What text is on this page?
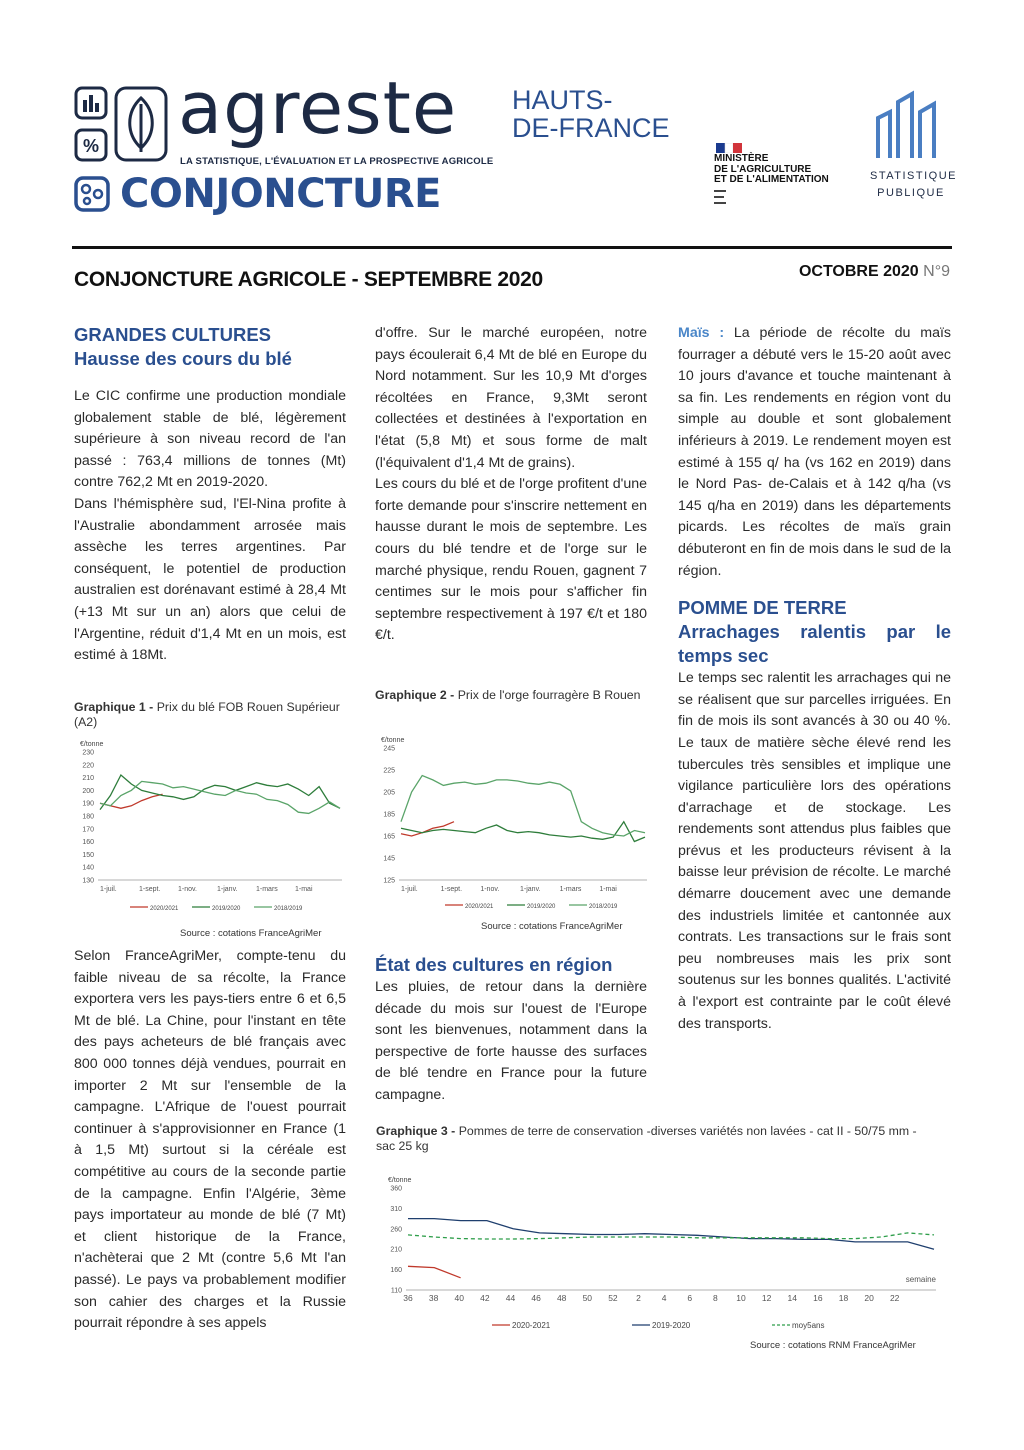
% agreste
LA STATISTIQUE, L'ÉVALUATION ET LA PROSPECTIVE AGRICOLE
CONJONCTURE
HAUTS-
DE-FRANCE
MINISTÈRE
DE L'AGRICULTURE
ET DE L'ALIMENTATION	STATISTIQUE
PUBLIQUE
CONJONCTURE AGRICOLE - SEPTEMBRE 2020	OCTOBRE 2020 N°9
GRANDES CULTURES
Hausse des cours du blé

Le CIC confirme une production mondiale globalement stable de blé, légèrement supérieure à son niveau record de l'an passé : 763,4 millions de tonnes (Mt) contre 762,2 Mt en 2019-2020.

Dans l'hémisphère sud, l'El-Nina profite à l'Australie abondamment arrosée mais assèche les terres argentines. Par conséquent, le potentiel de production australien est dorénavant estimé à 28,4 Mt (+13 Mt sur un an) alors que celui de l'Argentine, réduit d'1,4 Mt en un mois, est estimé à 18Mt.

Graphique 1 - Prix du blé FOB Rouen Supérieur (A2)
€/tonne
230
220
210
200
190
180
170
160
150
140
130
1-juil.	1-sept.	1-nov.	1-janv.	1-mars 1-mai
2020/2021	2019/2020	2018/2019
Source : cotations FranceAgriMer

Selon FranceAgriMer, compte-tenu du faible niveau de sa récolte, la France exportera vers les pays-tiers entre 6 et 6,5 Mt de blé. La Chine, pour l'instant en tête des pays acheteurs de blé français avec 800 000 tonnes déjà vendues, pourrait en importer 2 Mt sur l'ensemble de la campagne. L'Afrique de l'ouest pourrait continuer à s'approvisionner en France (1 à 1,5 Mt) surtout si la céréale est compétitive au cours de la seconde partie de la campagne. Enfin l'Algérie, 3ème pays importateur au monde de blé (7 Mt) et client historique de la France, n'achèterai que 2 Mt (contre 5,6 Mt l'an passé). Le pays va probablement modifier son cahier des charges et la Russie pourrait répondre à ses appels

d'offre. Sur le marché européen, notre pays écoulerait 6,4 Mt de blé en Europe du Nord notamment. Sur les 10,9 Mt d'orges récoltées en France, 9,3Mt seront collectées et destinées à l'exportation en l'état (5,8 Mt) et sous forme de malt (l'équivalent d'1,4 Mt de grains).

Les cours du blé et de l'orge profitent d'une forte demande pour s'inscrire nettement en hausse durant le mois de septembre. Les cours du blé tendre et de l'orge sur le marché physique, rendu Rouen, gagnent 7 centimes sur le mois pour s'afficher fin septembre respectivement à 197 €/t et 180 €/t.

Graphique 2 - Prix de l'orge fourragère B Rouen
€/tonne
245
225
205
185
165
145
125
1-juil.	1-sept.	1-nov.	1-janv.	1-mars	1-mai
2020/2021	2019/2020	2018/2019
Source : cotations FranceAgriMer
État des cultures en région

Les pluies, de retour dans la dernière décade du mois sur l'ouest de l'Europe sont les bienvenues, notamment dans la perspective de forte hausse des surfaces de blé tendre en France pour la future campagne.

Maïs : La période de récolte du maïs fourrager a débuté vers le 15-20 août avec 10 jours d'avance et touche maintenant à sa fin. Les rendements en région vont du simple au double et sont globalement inférieurs à 2019. Le rendement moyen est estimé à 155 q/ ha (vs 162 en 2019) dans le Nord Pas- de-Calais et à 142 q/ha (vs 145 q/ha en 2019) dans les départements picards. Les récoltes de maïs grain débuteront en fin de mois dans le sud de la région.

POMME DE TERRE
Arrachages ralentis par le temps sec

Le temps sec ralentit les arrachages qui ne se réalisent que sur parcelles irriguées. En fin de mois ils sont avancés à 30 ou 40 %. Le taux de matière sèche élevé rend les tubercules très sensibles et implique une vigilance particulière lors des opérations d'arrachage et de stockage. Les rendements sont attendus plus faibles que prévus et les producteurs révisent à la baisse leur prévision de récolte. Le marché démarre doucement avec une demande des industriels limitée et cantonnée aux contrats. Les transactions sur le frais sont peu nombreuses mais les prix sont soutenus sur les bonnes qualités. L'activité à l'export est contrainte par le coût élevé des transports.

Graphique 3 - Pommes de terre de conservation -diverses variétés non lavées - cat II - 50/75 mm - sac 25 kg
€/tonne
360
310
260
210
160
110
36 38 40 42 44 46 48 50 52 2 4 6 8 10 12 14 16 18 20 22
semaine
2020-2021	2019-2020	moy5ans
Source : cotations RNM FranceAgriMer
